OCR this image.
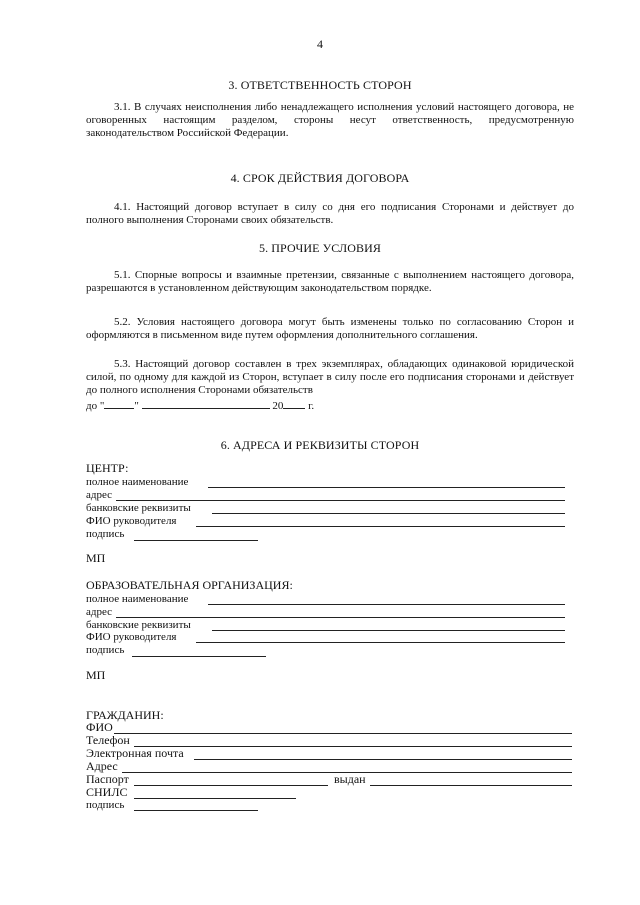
4
3. ОТВЕТСТВЕННОСТЬ СТОРОН
3.1. В случаях неисполнения либо ненадлежащего исполнения условий настоящего договора, не оговоренных настоящим разделом, стороны несут ответственность, предусмотренную законодательством Российской Федерации.
4. СРОК ДЕЙСТВИЯ ДОГОВОРА
4.1. Настоящий договор вступает в силу со дня его подписания Сторонами и действует до полного выполнения Сторонами своих обязательств.
5. ПРОЧИЕ УСЛОВИЯ
5.1. Спорные вопросы и взаимные претензии, связанные с выполнением настоящего договора, разрешаются в установленном действующим законодательством порядке.
5.2. Условия настоящего договора могут быть изменены только по согласованию Сторон и оформляются в письменном виде путем оформления дополнительного соглашения.
5.3. Настоящий договор составлен в трех экземплярах, обладающих одинаковой юридической силой, по одному для каждой из Сторон, вступает в силу после его подписания сторонами и действует до полного исполнения Сторонами обязательств
до "	"	20 г.
6. АДРЕСА И РЕКВИЗИТЫ СТОРОН
ЦЕНТР:
полное наименование
адрес
банковские реквизиты
ФИО руководителя
подпись
МП
ОБРАЗОВАТЕЛЬНАЯ ОРГАНИЗАЦИЯ:
полное наименование
адрес
банковские реквизиты
ФИО руководителя
подпись
МП
ГРАЖДАНИН:
ФИО
Телефон
Электронная почта
Адрес
Паспорт	выдан
СНИЛС
подпись
